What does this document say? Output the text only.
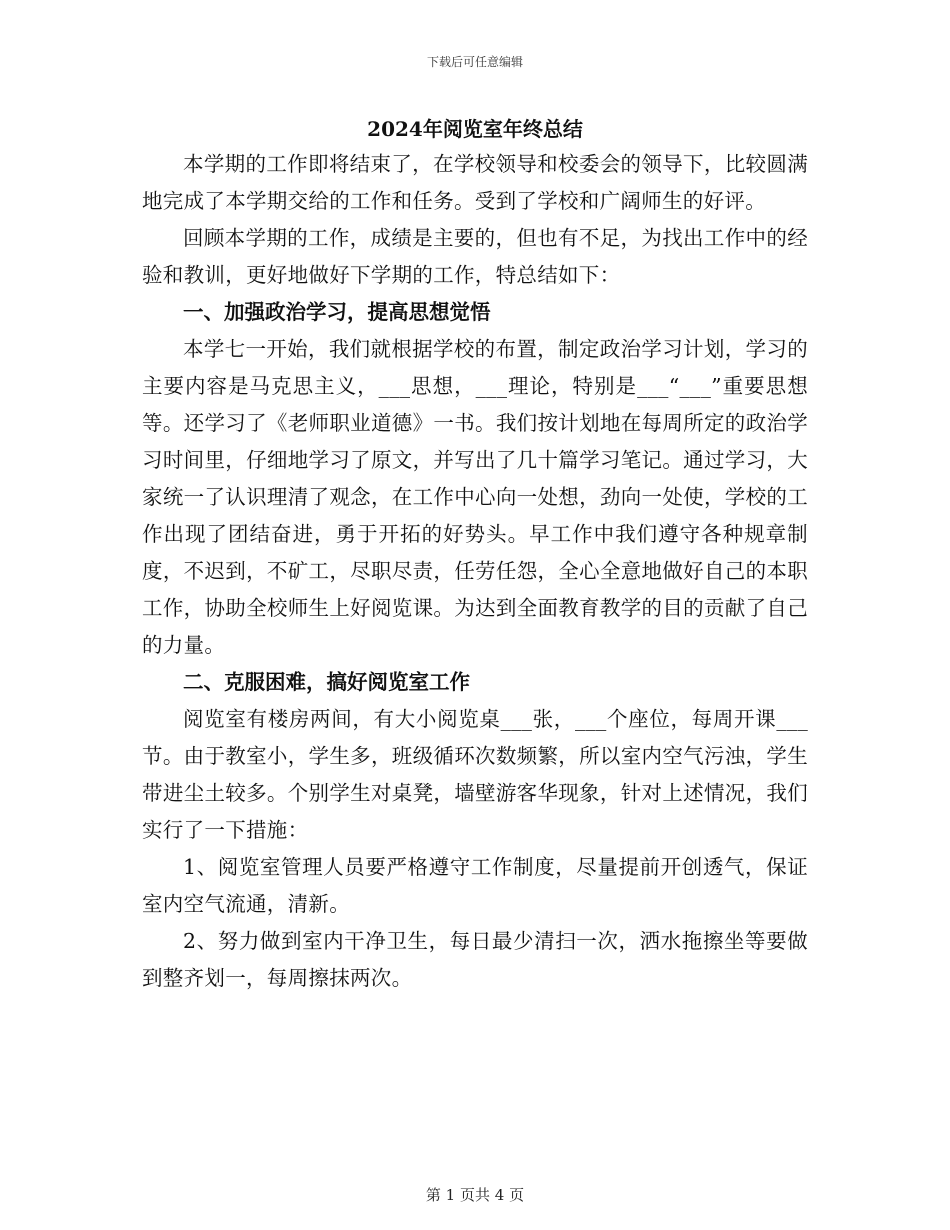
下载后可任意编辑
2024年阅览室年终总结

本学期的工作即将结束了，在学校领导和校委会的领导下，比较圆满地完成了本学期交给的工作和任务。受到了学校和广阔师生的好评。

回顾本学期的工作，成绩是主要的，但也有不足，为找出工作中的经验和教训，更好地做好下学期的工作，特总结如下：

一、加强政治学习，提高思想觉悟

本学七一开始，我们就根据学校的布置，制定政治学习计划，学习的主要内容是马克思主义，___思想，___理论，特别是___“___”重要思想等。还学习了《老师职业道德》一书。我们按计划地在每周所定的政治学习时间里，仔细地学习了原文，并写出了几十篇学习笔记。通过学习，大家统一了认识理清了观念，在工作中心向一处想，劲向一处使，学校的工作出现了团结奋进，勇于开拓的好势头。早工作中我们遵守各种规章制度，不迟到，不矿工，尽职尽责，任劳任怨，全心全意地做好自己的本职工作，协助全校师生上好阅览课。为达到全面教育教学的目的贡献了自己的力量。

二、克服困难，搞好阅览室工作

阅览室有楼房两间，有大小阅览桌___张，___个座位，每周开课___节。由于教室小，学生多，班级循环次数频繁，所以室内空气污浊，学生带进尘土较多。个别学生对桌凳，墙壁游客华现象，针对上述情况，我们实行了一下措施：

1、阅览室管理人员要严格遵守工作制度，尽量提前开创透气，保证室内空气流通，清新。

2、努力做到室内干净卫生，每日最少清扫一次，洒水拖擦坐等要做到整齐划一，每周擦抹两次。

第 1 页共 4 页
